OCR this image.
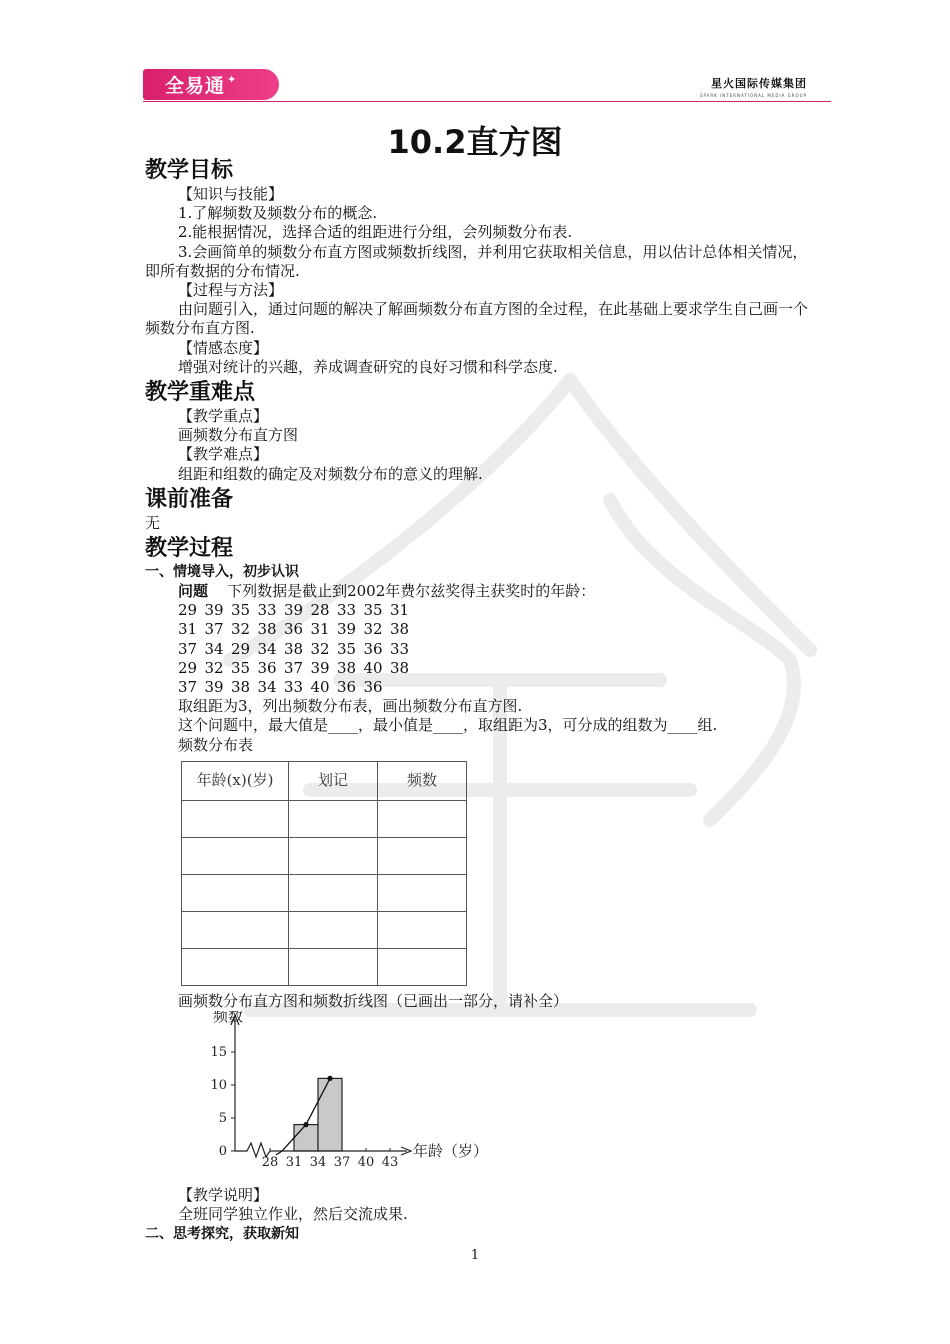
全易通 ✦	星火国际传媒集团
SPARK INTERNATIONAL MEDIA GROUP
10.2直方图
教学目标
【知识与技能】
1.了解频数及频数分布的概念.
2.能根据情况，选择合适的组距进行分组，会列频数分布表.
3.会画简单的频数分布直方图或频数折线图，并利用它获取相关信息，用以估计总体相关情况，即所有数据的分布情况.
【过程与方法】
由问题引入，通过问题的解决了解画频数分布直方图的全过程，在此基础上要求学生自己画一个频数分布直方图.
【情感态度】
增强对统计的兴趣，养成调查研究的良好习惯和科学态度.
教学重难点
【教学重点】
画频数分布直方图
【教学难点】
组距和组数的确定及对频数分布的意义的理解.
课前准备
无
教学过程
一、情境导入，初步认识
问题 下列数据是截止到2002年费尔兹奖得主获奖时的年龄：
29 39 35 33 39 28 33 35 31
31 37 32 38 36 31 39 32 38
37 34 29 34 38 32 35 36 33
29 32 35 36 37 39 38 40 38
37 39 38 34 33 40 36 36
取组距为3，列出频数分布表，画出频数分布直方图.
这个问题中，最大值是____，最小值是____，取组距为3，可分成的组数为____组.
频数分布表
年龄(x)(岁)	划记	频数

画频数分布直方图和频数折线图（已画出一部分，请补全）
0
5
10
15
28 31 34 37 40 43
频数
年龄（岁）
【教学说明】
全班同学独立作业，然后交流成果.
二、思考探究，获取新知
1
